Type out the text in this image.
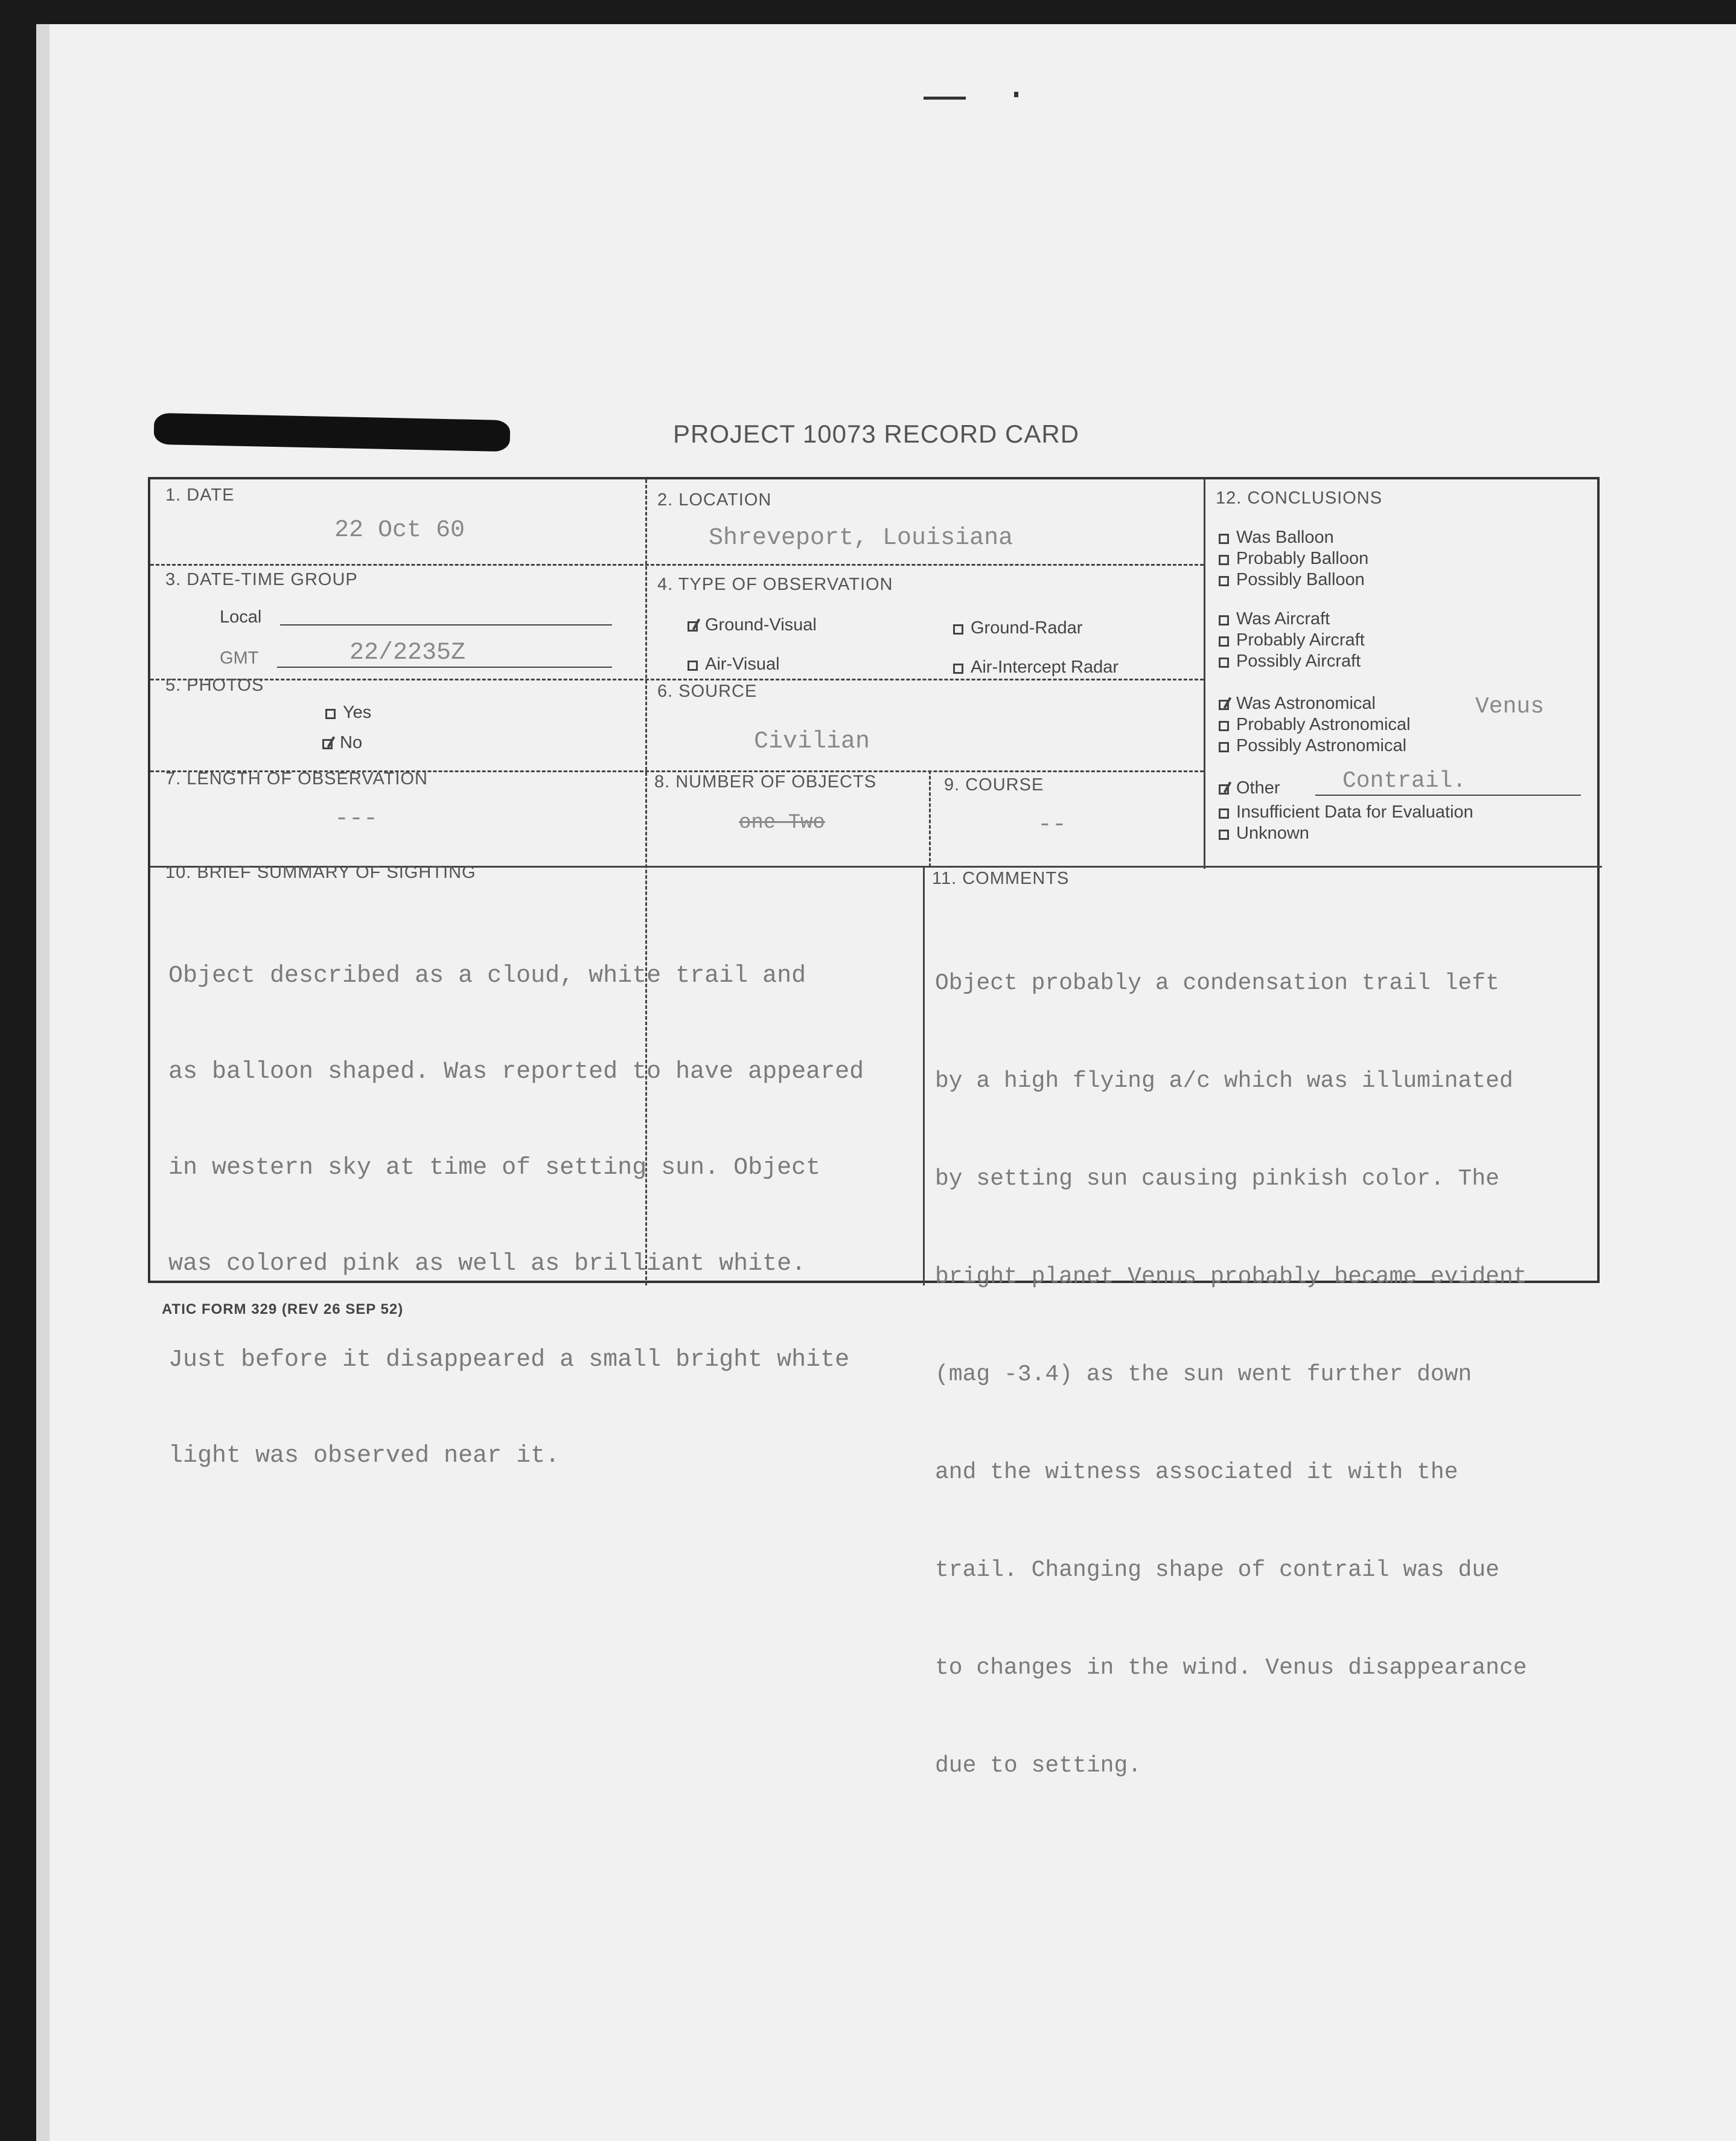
PROJECT 10073 RECORD CARD
1. DATE
22 Oct 60
2. LOCATION
Shreveport, Louisiana
3. DATE-TIME GROUP
Local
GMT	22/2235Z
4. TYPE OF OBSERVATION
Ground-Visual	Ground-Radar
Air-Visual	Air-Intercept Radar
5. PHOTOS
Yes
No
6. SOURCE
Civilian
7. LENGTH OF OBSERVATION
---
8. NUMBER OF OBJECTS
one Two
9. COURSE
--
12. CONCLUSIONS
Was Balloon
Probably Balloon
Possibly Balloon
Was Aircraft
Probably Aircraft
Possibly Aircraft
Was Astronomical	Venus
Probably Astronomical
Possibly Astronomical
Other	Contrail.
Insufficient Data for Evaluation
Unknown
10. BRIEF SUMMARY OF SIGHTING

Object described as a cloud, white trail and

as balloon shaped. Was reported to have appeared

in western sky at time of setting sun. Object

was colored pink as well as brilliant white.

Just before it disappeared a small bright white

light was observed near it.

11. COMMENTS

Object probably a condensation trail left

by a high flying a/c which was illuminated

by setting sun causing pinkish color. The

bright planet Venus probably became evident

(mag -3.4) as the sun went further down

and the witness associated it with the

trail. Changing shape of contrail was due

to changes in the wind. Venus disappearance

due to setting.

ATIC FORM 329 (REV 26 SEP 52)
